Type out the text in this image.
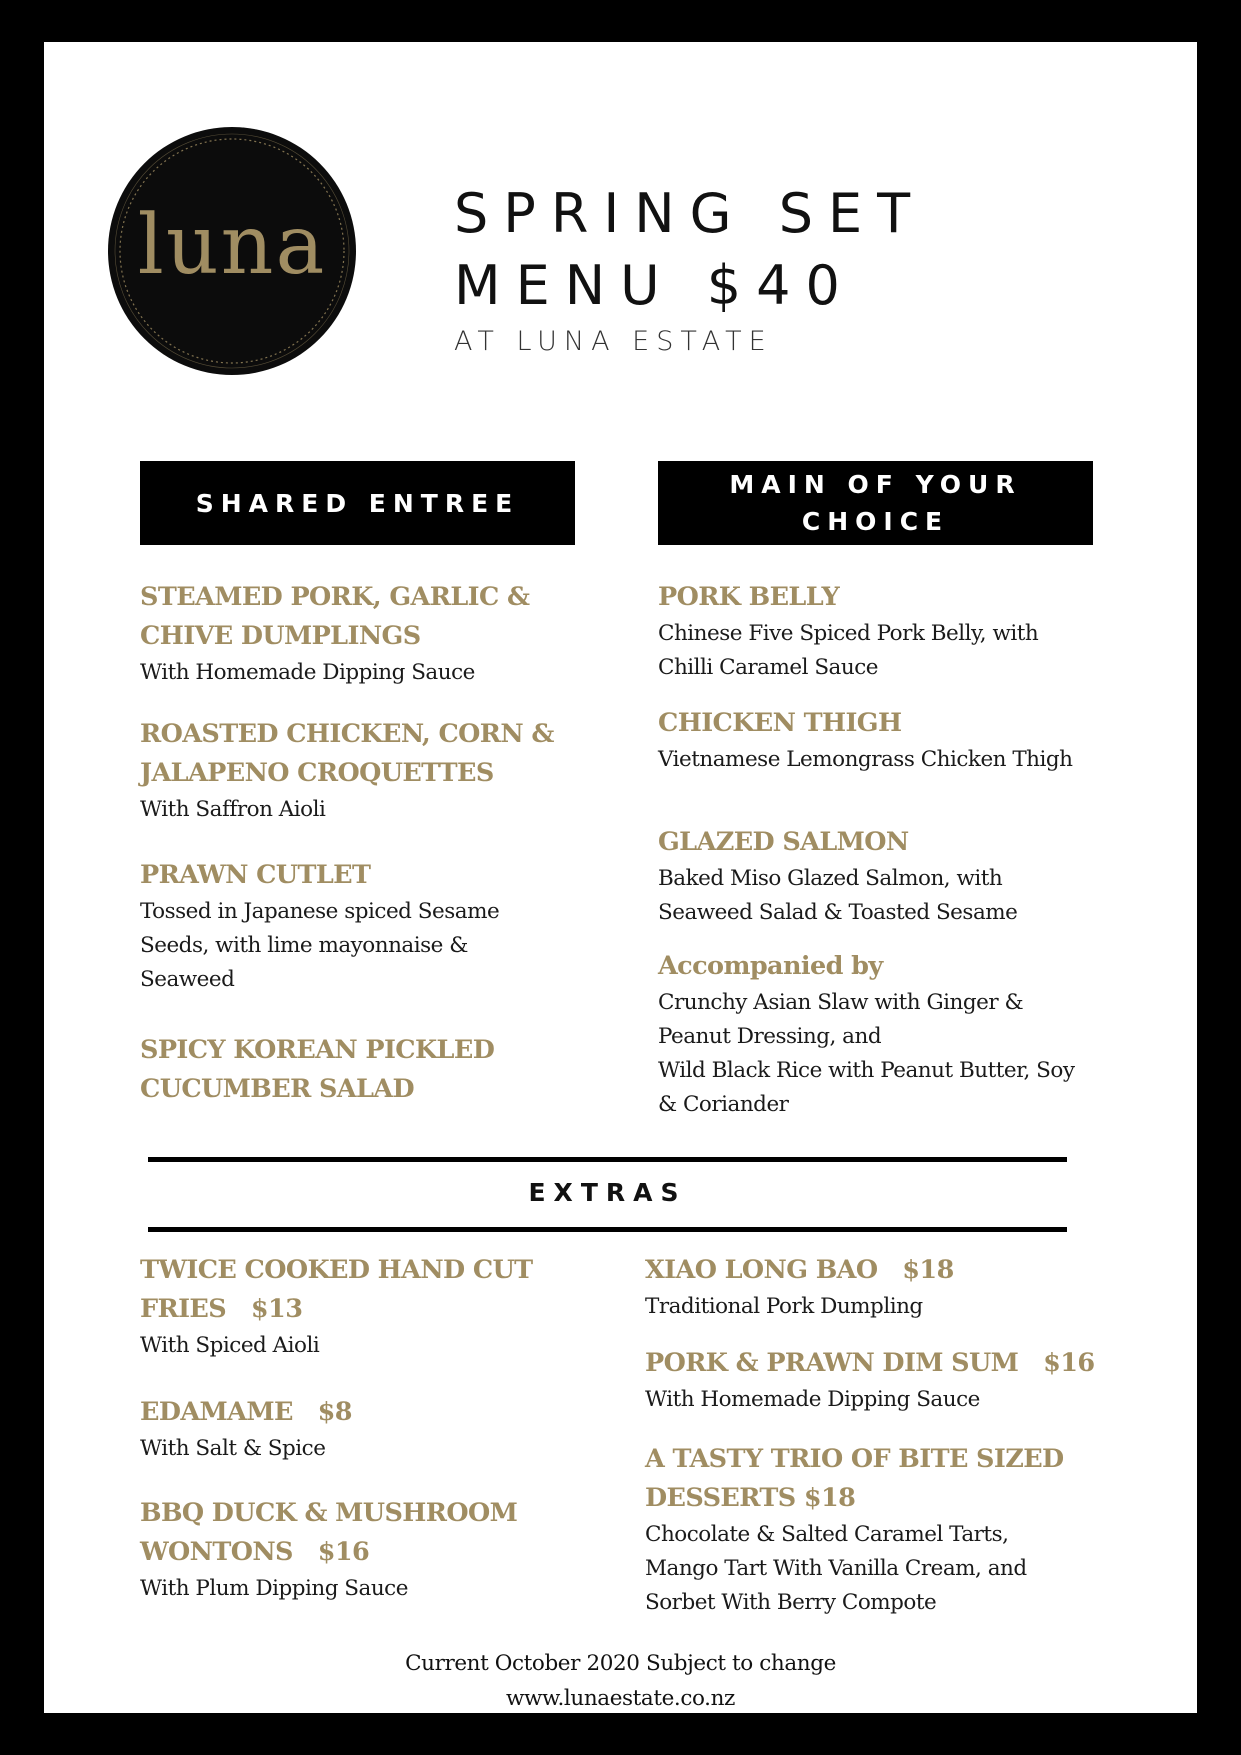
luna SPRING SET
MENU $40
AT LUNA ESTATE
SHARED ENTREE
MAIN OF YOUR CHOICE
STEAMED PORK, GARLIC & CHIVE DUMPLINGS
With Homemade Dipping Sauce
ROASTED CHICKEN, CORN & JALAPENO CROQUETTES
With Saffron Aioli
PRAWN CUTLET
Tossed in Japanese spiced Sesame Seeds, with lime mayonnaise & Seaweed
SPICY KOREAN PICKLED CUCUMBER SALAD
PORK BELLY
Chinese Five Spiced Pork Belly, with Chilli Caramel Sauce
CHICKEN THIGH
Vietnamese Lemongrass Chicken Thigh
GLAZED SALMON
Baked Miso Glazed Salmon, with Seaweed Salad & Toasted Sesame
Accompanied by
Crunchy Asian Slaw with Ginger & Peanut Dressing, and
Wild Black Rice with Peanut Butter, Soy & Coriander
EXTRAS
TWICE COOKED HAND CUT FRIES   $13
With Spiced Aioli
EDAMAME   $8
With Salt & Spice
BBQ DUCK & MUSHROOM WONTONS   $16
With Plum Dipping Sauce
XIAO LONG BAO   $18
Traditional Pork Dumpling
PORK & PRAWN DIM SUM   $16
With Homemade Dipping Sauce
A TASTY TRIO OF BITE SIZED DESSERTS $18
Chocolate & Salted Caramel Tarts, Mango Tart With Vanilla Cream, and Sorbet With Berry Compote
Current October 2020 Subject to change
www.lunaestate.co.nz
